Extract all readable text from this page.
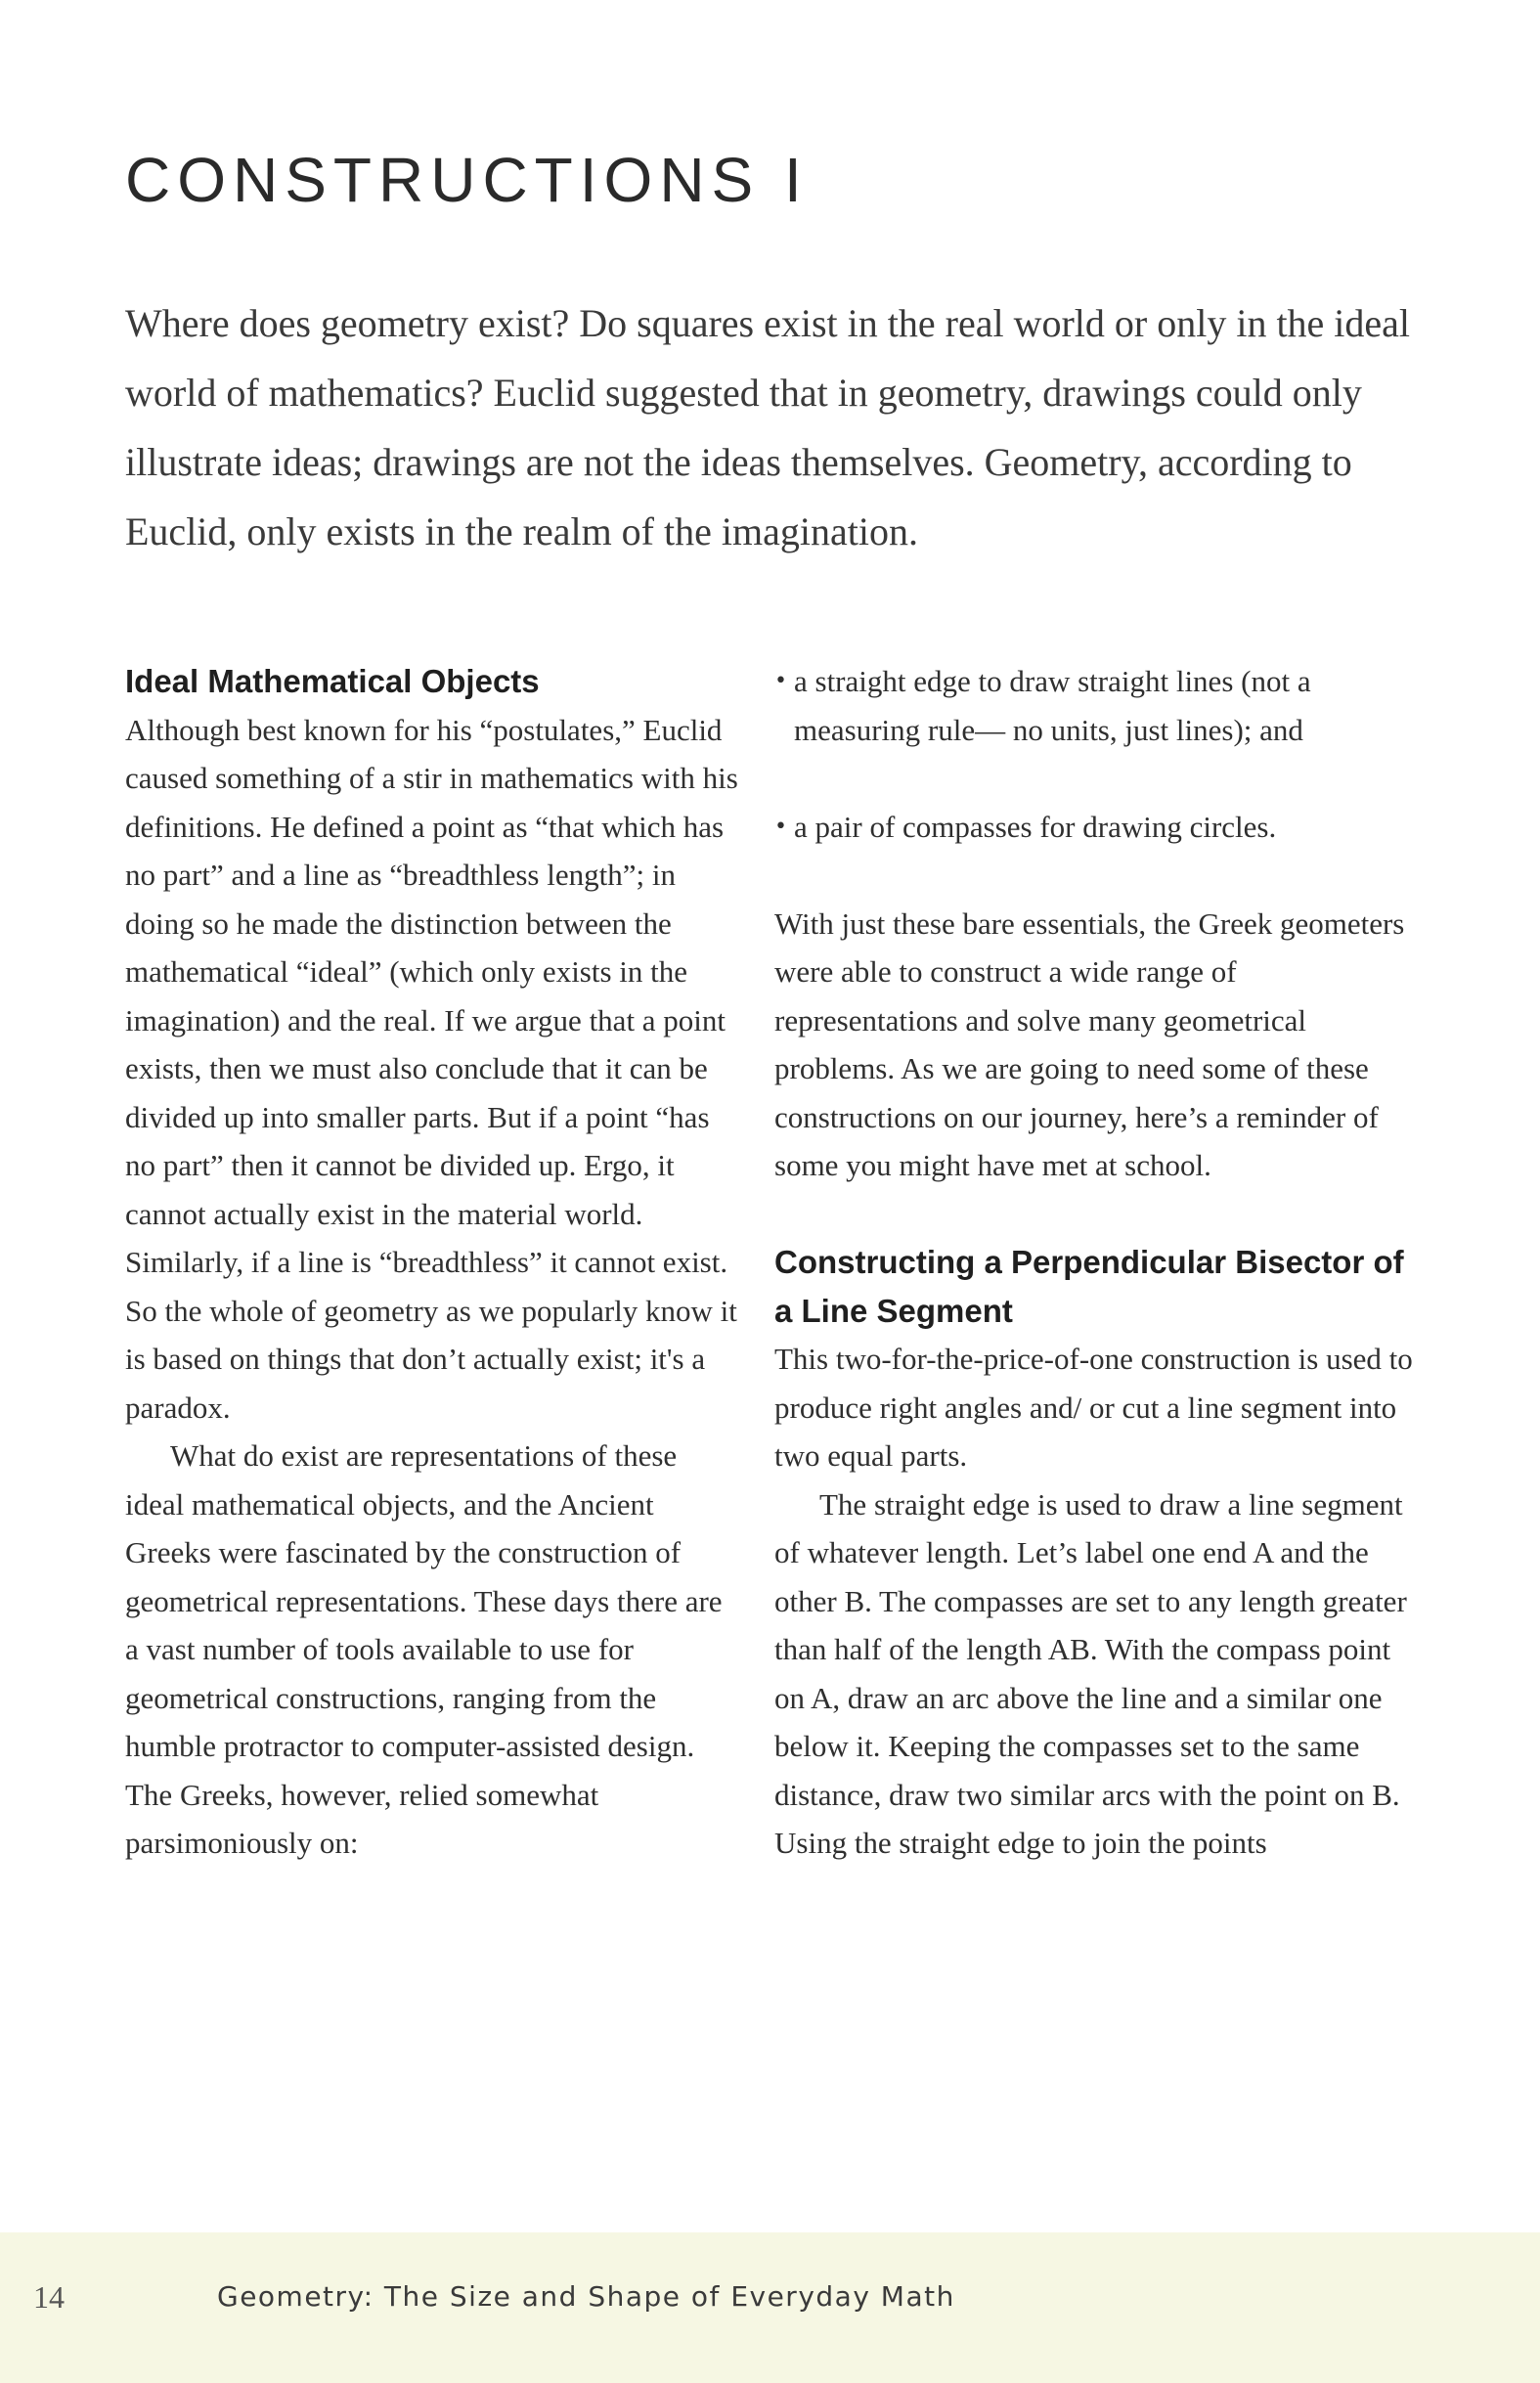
CONSTRUCTIONS I

Where does geometry exist? Do squares exist in the real world or only in the ideal world of mathematics? Euclid suggested that in geometry, drawings could only illustrate ideas; drawings are not the ideas themselves. Geometry, according to Euclid, only exists in the realm of the imagination.

Ideal Mathematical Objects

Although best known for his “postulates,” Euclid caused something of a stir in mathematics with his definitions. He defined a point as “that which has no part” and a line as “breadthless length”; in doing so he made the distinction between the mathematical “ideal” (which only exists in the imagination) and the real. If we argue that a point exists, then we must also conclude that it can be divided up into smaller parts. But if a point “has no part” then it cannot be divided up. Ergo, it cannot actually exist in the material world. Similarly, if a line is “breadthless” it cannot exist. So the whole of geometry as we popularly know it is based on things that don’t actually exist; it's a paradox.

What do exist are representations of these ideal mathematical objects, and the Ancient Greeks were fascinated by the construction of geometrical representations. These days there are a vast number of tools available to use for geometrical constructions, ranging from the humble protractor to computer-assisted design. The Greeks, however, relied somewhat parsimoniously on:

• a straight edge to draw straight lines (not a measuring rule— no units, just lines); and
• a pair of compasses for drawing circles.

With just these bare essentials, the Greek geometers were able to construct a wide range of representations and solve many geometrical problems. As we are going to need some of these constructions on our journey, here’s a reminder of some you might have met at school.

Constructing a Perpendicular Bisector of a Line Segment

This two-for-the-price-of-one construction is used to produce right angles and/ or cut a line segment into two equal parts.

The straight edge is used to draw a line segment of whatever length. Let’s label one end A and the other B. The compasses are set to any length greater than half of the length AB. With the compass point on A, draw an arc above the line and a similar one below it. Keeping the compasses set to the same distance, draw two similar arcs with the point on B. Using the straight edge to join the points

14	Geometry: The Size and Shape of Everyday Math
